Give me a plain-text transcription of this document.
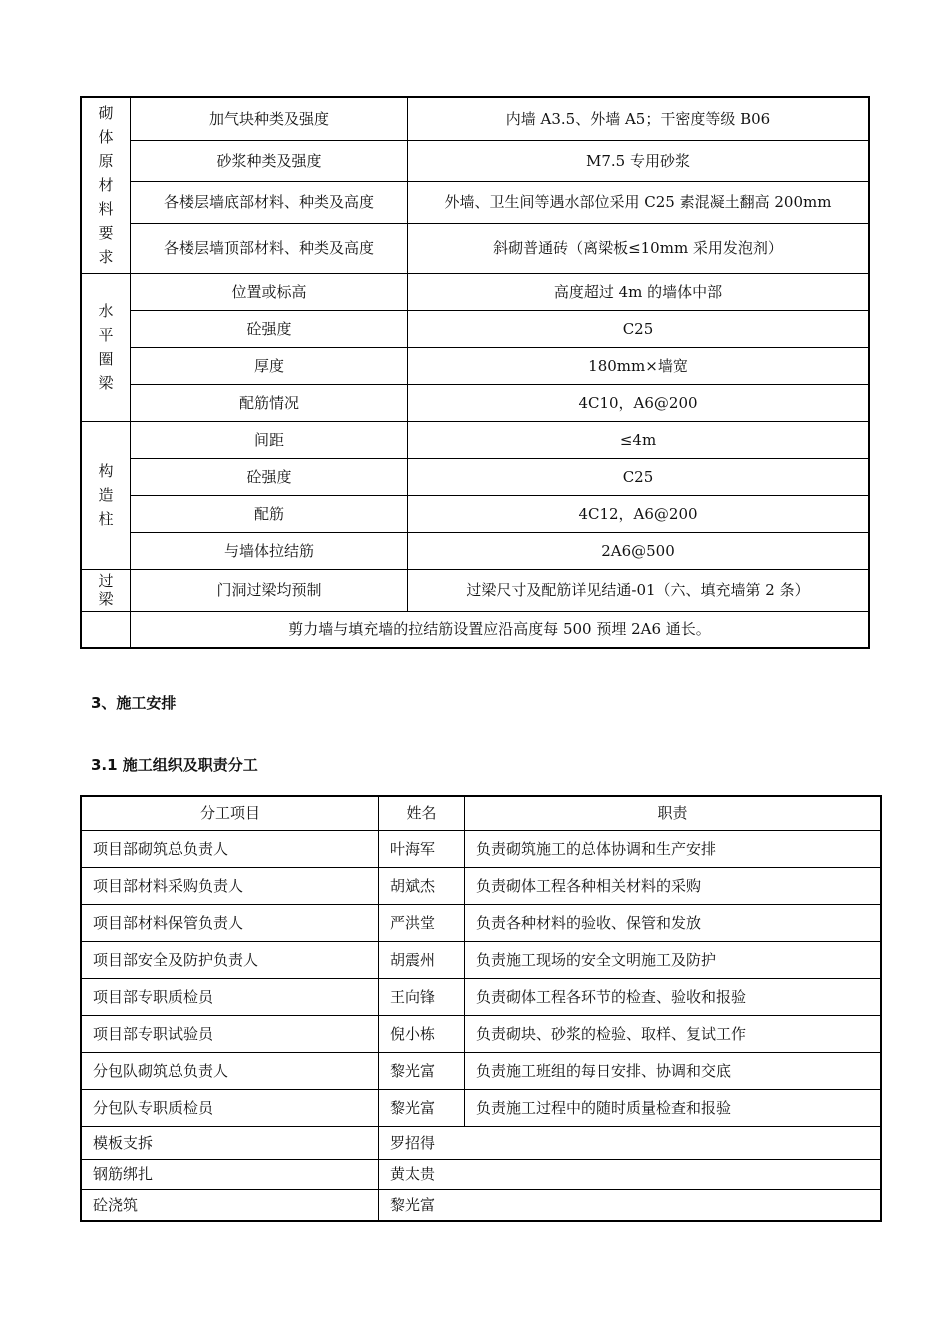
砌体原材料要求	加气块种类及强度	内墙 A3.5、外墙 A5；干密度等级 B06
	砂浆种类及强度	M7.5 专用砂浆
	各楼层墙底部材料、种类及高度	外墙、卫生间等遇水部位采用 C25 素混凝土翻高 200mm
	各楼层墙顶部材料、种类及高度	斜砌普通砖（离梁板≤10mm 采用发泡剂）
水平圈梁	位置或标高	高度超过 4m 的墙体中部
	砼强度	C25
	厚度	180mm×墙宽
	配筋情况	4C10，A6@200
构造柱	间距	≤4m
	砼强度	C25
	配筋	4C12，A6@200
	与墙体拉结筋	2A6@500
过梁	门洞过梁均预制	过梁尺寸及配筋详见结通-01（六、填充墙第 2 条）
	剪力墙与填充墙的拉结筋设置应沿高度每 500 预埋 2A6 通长。	
3、施工安排
3.1 施工组织及职责分工
分工项目	姓名	职责
项目部砌筑总负责人	叶海军	负责砌筑施工的总体协调和生产安排
项目部材料采购负责人	胡斌杰	负责砌体工程各种相关材料的采购
项目部材料保管负责人	严洪堂	负责各种材料的验收、保管和发放
项目部安全及防护负责人	胡震州	负责施工现场的安全文明施工及防护
项目部专职质检员	王向锋	负责砌体工程各环节的检查、验收和报验
项目部专职试验员	倪小栋	负责砌块、砂浆的检验、取样、复试工作
分包队砌筑总负责人	黎光富	负责施工班组的每日安排、协调和交底
分包队专职质检员	黎光富	负责施工过程中的随时质量检查和报验
模板支拆	罗招得	
钢筋绑扎	黄太贵	
砼浇筑	黎光富	
